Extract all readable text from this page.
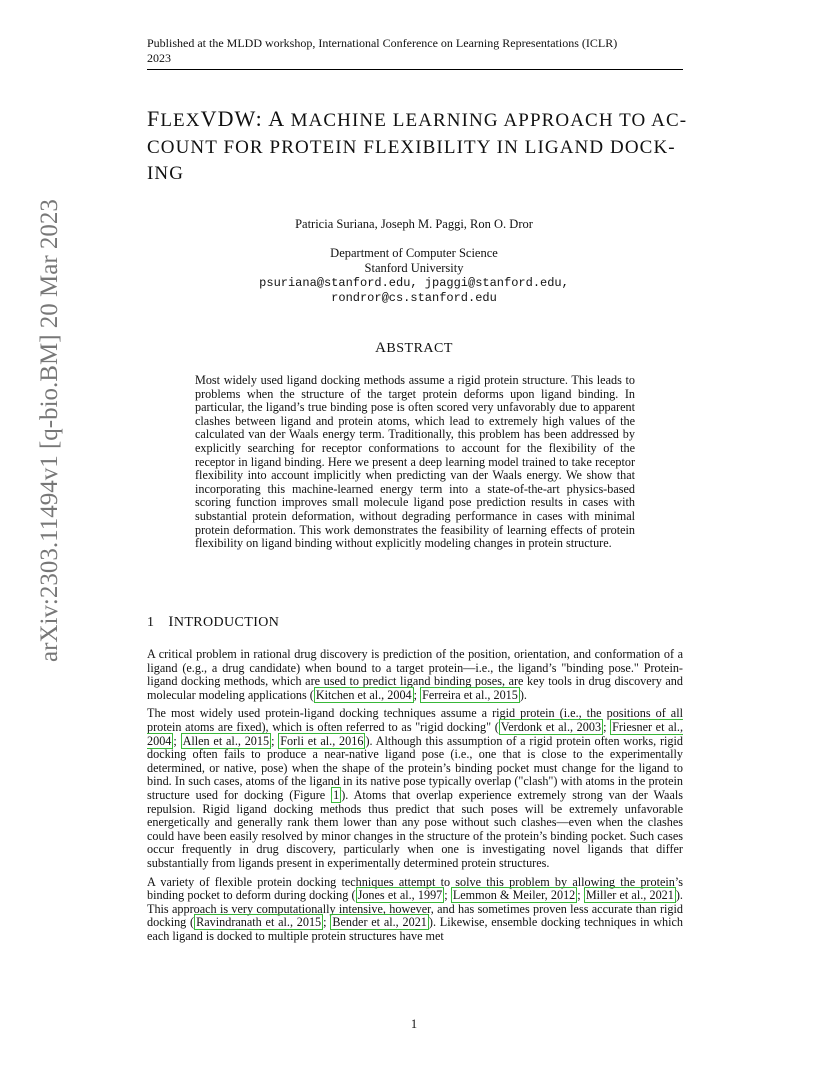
Published at the MLDD workshop, International Conference on Learning Representations (ICLR)
2023
arXiv:2303.11494v1 [q-bio.BM] 20 Mar 2023
FLEXVDW: A MACHINE LEARNING APPROACH TO AC-
COUNT FOR PROTEIN FLEXIBILITY IN LIGAND DOCK-
ING
Patricia Suriana, Joseph M. Paggi, Ron O. Dror
Department of Computer Science
Stanford University
psuriana@stanford.edu, jpaggi@stanford.edu,
rondror@cs.stanford.edu
ABSTRACT
Most widely used ligand docking methods assume a rigid protein structure. This leads to problems when the structure of the target protein deforms upon ligand binding. In particular, the ligand’s true binding pose is often scored very unfavorably due to apparent clashes between ligand and protein atoms, which lead to extremely high values of the calculated van der Waals energy term. Traditionally, this problem has been addressed by explicitly searching for receptor conformations to account for the flexibility of the receptor in ligand binding. Here we present a deep learning model trained to take receptor flexibility into account implicitly when predicting van der Waals energy. We show that incorporating this machine-learned energy term into a state-of-the-art physics-based scoring function improves small molecule ligand pose prediction results in cases with substantial protein deformation, without degrading performance in cases with minimal protein deformation. This work demonstrates the feasibility of learning effects of protein flexibility on ligand binding without explicitly modeling changes in protein structure.
1 INTRODUCTION

A critical problem in rational drug discovery is prediction of the position, orientation, and conformation of a ligand (e.g., a drug candidate) when bound to a target protein—i.e., the ligand’s "binding pose." Protein-ligand docking methods, which are used to predict ligand binding poses, are key tools in drug discovery and molecular modeling applications ( Kitchen et al., 2004 ; Ferreira et al., 2015 ).

The most widely used protein-ligand docking techniques assume a rigid protein (i.e., the positions of all protein atoms are fixed), which is often referred to as "rigid docking" ( Verdonk et al., 2003 ; Friesner et al., 2004 ; Allen et al., 2015 ; Forli et al., 2016 ). Although this assumption of a rigid protein often works, rigid docking often fails to produce a near-native ligand pose (i.e., one that is close to the experimentally determined, or native, pose) when the shape of the protein’s binding pocket must change for the ligand to bind. In such cases, atoms of the ligand in its native pose typically overlap ("clash") with atoms in the protein structure used for docking (Figure 1 ). Atoms that overlap experience extremely strong van der Waals repulsion. Rigid ligand docking methods thus predict that such poses will be extremely unfavorable energetically and generally rank them lower than any pose without such clashes—even when the clashes could have been easily resolved by minor changes in the structure of the protein’s binding pocket. Such cases occur frequently in drug discovery, particularly when one is investigating novel ligands that differ substantially from ligands present in experimentally determined protein structures.

A variety of flexible protein docking techniques attempt to solve this problem by allowing the protein’s binding pocket to deform during docking ( Jones et al., 1997 ; Lemmon & Meiler, 2012 ; Miller et al., 2021 ). This approach is very computationally intensive, however, and has sometimes proven less accurate than rigid docking ( Ravindranath et al., 2015 ; Bender et al., 2021 ). Likewise, ensemble docking techniques in which each ligand is docked to multiple protein structures have met

1
